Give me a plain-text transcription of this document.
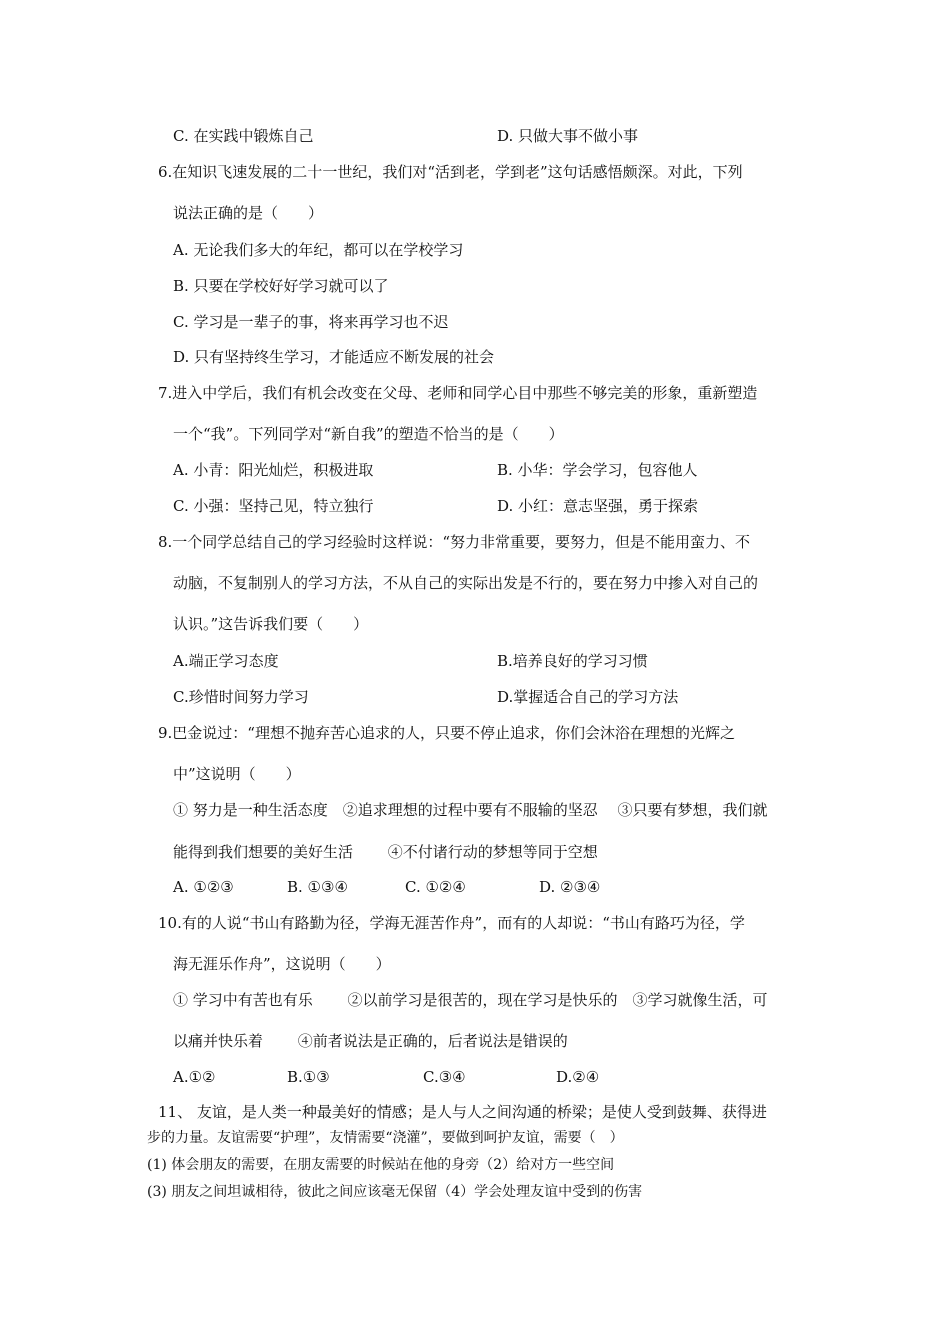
C. 在实践中锻炼自己	D. 只做大事不做小事
6.在知识飞速发展的二十一世纪，我们对“活到老，学到老”这句话感悟颇深。对此，下列
说法正确的是（　　）
A. 无论我们多大的年纪，都可以在学校学习
B. 只要在学校好好学习就可以了
C. 学习是一辈子的事，将来再学习也不迟
D. 只有坚持终生学习，才能适应不断发展的社会
7.进入中学后，我们有机会改变在父母、老师和同学心目中那些不够完美的形象，重新塑造
一个“我”。下列同学对“新自我”的塑造不恰当的是（　　）
A. 小青：阳光灿烂，积极进取	B. 小华：学会学习，包容他人
C. 小强：坚持己见，特立独行	D. 小红：意志坚强，勇于探索
8.一个同学总结自己的学习经验时这样说：“努力非常重要，要努力，但是不能用蛮力、不
动脑，不复制别人的学习方法，不从自己的实际出发是不行的，要在努力中掺入对自己的
认识。”这告诉我们要（　　）
A.端正学习态度	B.培养良好的学习习惯
C.珍惜时间努力学习	D.掌握适合自己的学习方法
9.巴金说过：“理想不抛弃苦心追求的人，只要不停止追求，你们会沐浴在理想的光辉之
中”这说明（　　）
① 努力是一种生活态度　②追求理想的过程中要有不服输的坚忍　 ③只要有梦想，我们就
能得到我们想要的美好生活　　 ④不付诸行动的梦想等同于空想
A. ①②③	B. ①③④	C. ①②④	D. ②③④
10.有的人说“书山有路勤为径，学海无涯苦作舟”，而有的人却说：“书山有路巧为径，学
海无涯乐作舟”，这说明（　　）
① 学习中有苦也有乐　　 ②以前学习是很苦的，现在学习是快乐的　③学习就像生活，可
以痛并快乐着　　 ④前者说法是正确的，后者说法是错误的
A.①②	B.①③	C.③④	D.②④
11、 友谊，是人类一种最美好的情感；是人与人之间沟通的桥梁；是使人受到鼓舞、获得进
步的力量。友谊需要“护理”，友情需要“浇灌”，要做到呵护友谊，需要（　）
(1) 体会朋友的需要，在朋友需要的时候站在他的身旁（2）给对方一些空间
(3) 朋友之间坦诚相待，彼此之间应该毫无保留（4）学会处理友谊中受到的伤害
